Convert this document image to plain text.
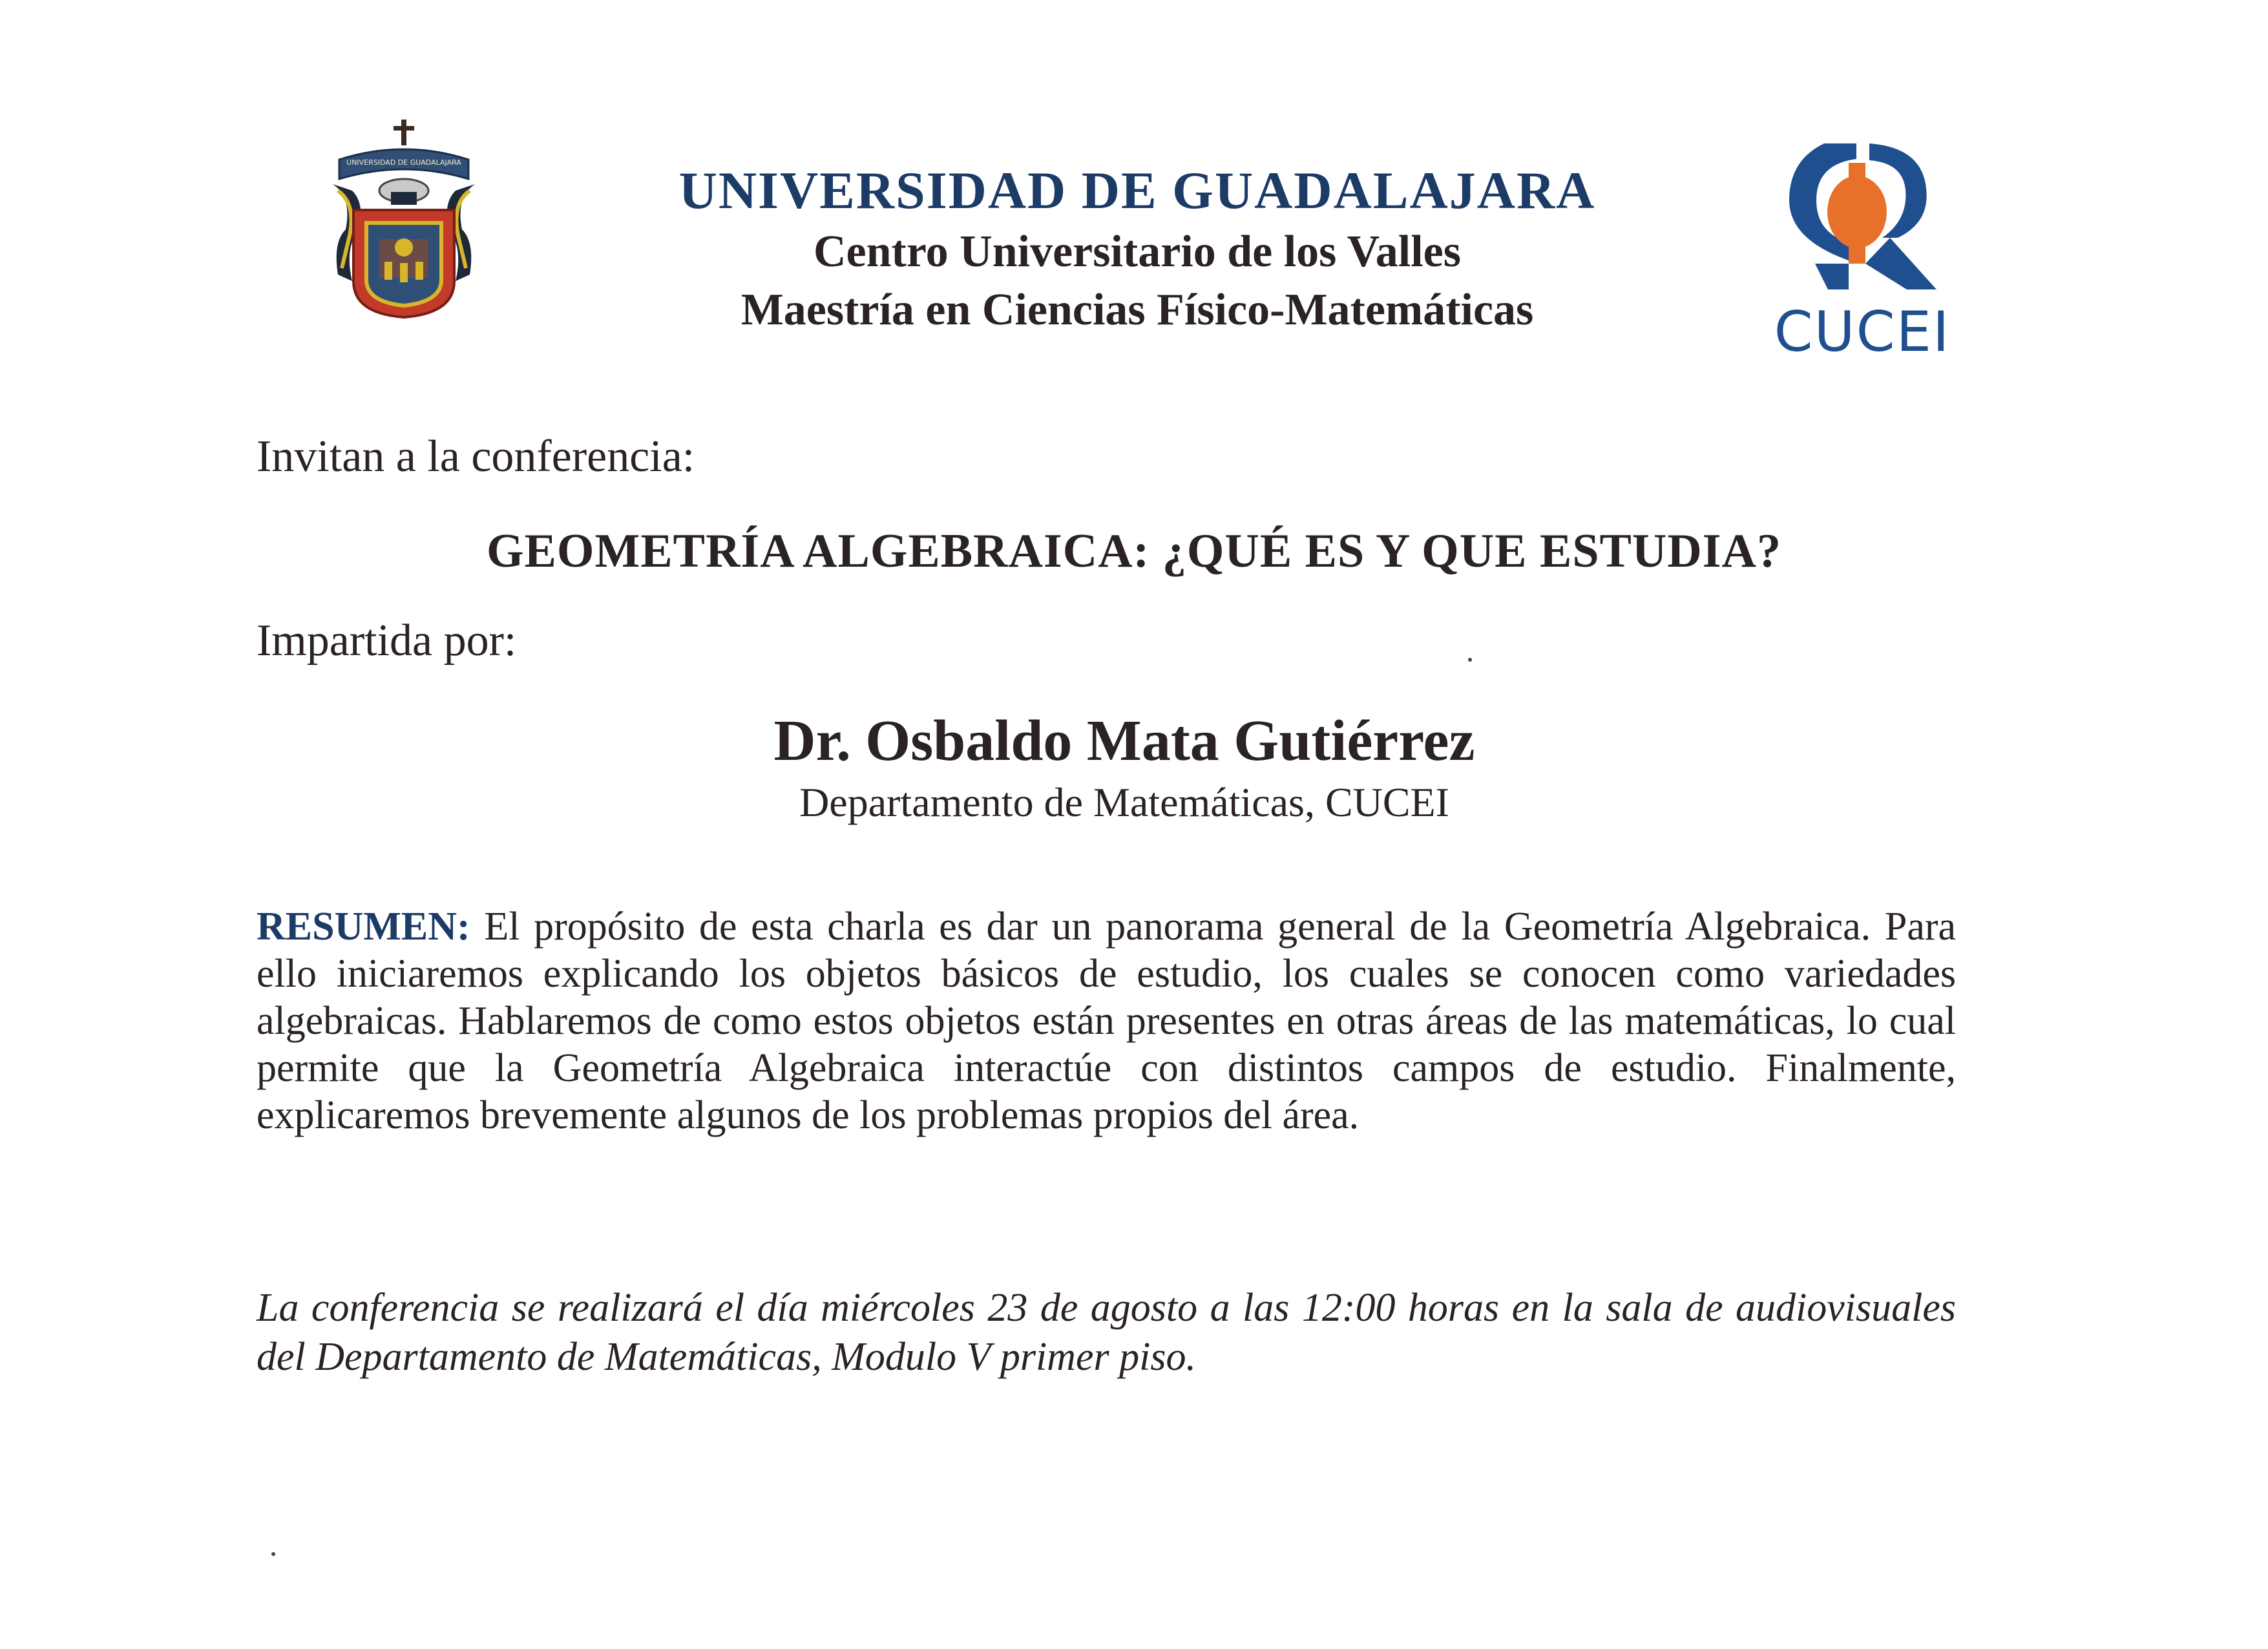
UNIVERSIDAD DE GUADALAJARA	UNIVERSIDAD DE GUADALAJARA

Centro Universitario de los Valles

Maestría en Ciencias Físico-Matemáticas	CUCEI

Invitan a la conferencia:

GEOMETRÍA ALGEBRAICA: ¿QUÉ ES Y QUE ESTUDIA?

Impartida por:

Dr. Osbaldo Mata Gutiérrez

Departamento de Matemáticas, CUCEI

RESUMEN: El propósito de esta charla es dar un panorama general de la Geometría Algebraica. Para ello iniciaremos explicando los objetos básicos de estudio, los cuales se conocen como variedades algebraicas. Hablaremos de como estos objetos están presentes en otras áreas de las matemáticas, lo cual permite que la Geometría Algebraica interactúe con distintos campos de estudio. Finalmente, explicaremos brevemente algunos de los problemas propios del área.

La conferencia se realizará el día miércoles 23 de agosto a las 12:00 horas en la sala de audiovisuales del Departamento de Matemáticas, Modulo V primer piso.
